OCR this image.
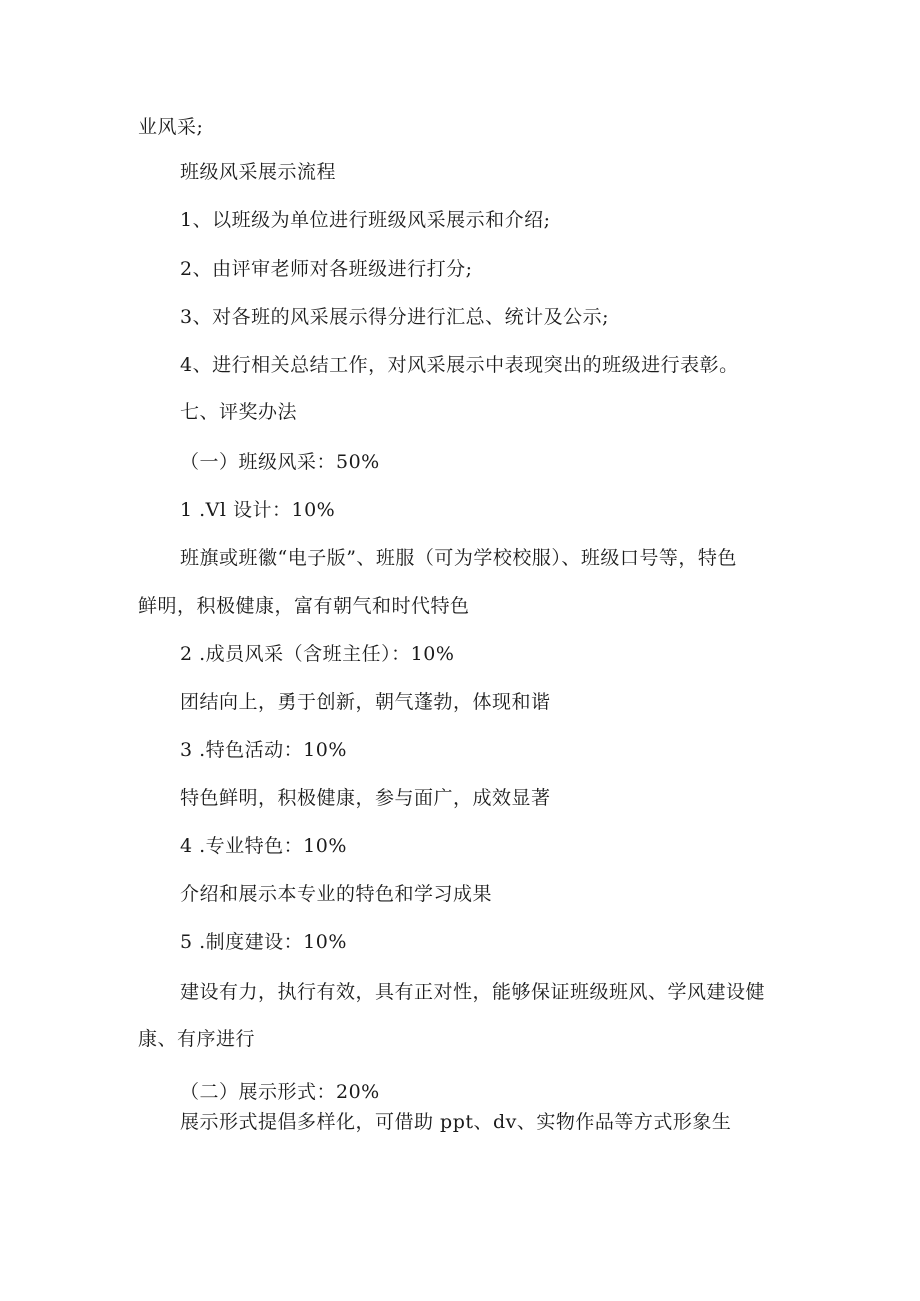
业风采;
班级风采展示流程
1、以班级为单位进行班级风采展示和介绍;
2、由评审老师对各班级进行打分;
3、对各班的风采展示得分进行汇总、统计及公示;
4、进行相关总结工作，对风采展示中表现突出的班级进行表彰。
七、评奖办法
（一）班级风采：50%
1 .Vl 设计：10%
班旗或班徽“电子版”、班服（可为学校校服）、班级口号等，特色
鲜明，积极健康，富有朝气和时代特色
2 .成员风采（含班主任）：10%
团结向上，勇于创新，朝气蓬勃，体现和谐
3 .特色活动：10%
特色鲜明，积极健康，参与面广，成效显著
4 .专业特色：10%
介绍和展示本专业的特色和学习成果
5 .制度建设：10%
建设有力，执行有效，具有正对性，能够保证班级班风、学风建设健
康、有序进行
（二）展示形式：20%
展示形式提倡多样化，可借助 ppt、dv、实物作品等方式形象生
